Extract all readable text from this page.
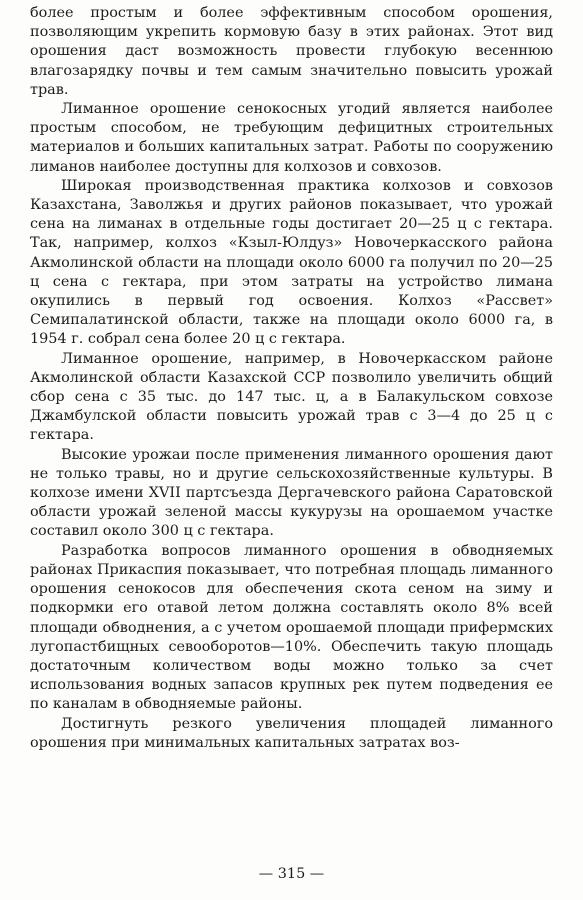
более простым и более эффективным способом орошения, позволяющим укрепить кормовую базу в этих районах. Этот вид орошения даст возможность провести глубокую весеннюю влагозарядку почвы и тем самым значительно повысить урожай трав.

Лиманное орошение сенокосных угодий является наиболее простым способом, не требующим дефицитных строительных материалов и больших капитальных затрат. Работы по сооружению лиманов наиболее доступны для колхозов и совхозов.

Широкая производственная практика колхозов и совхозов Казахстана, Заволжья и других районов показывает, что урожай сена на лиманах в отдельные годы достигает 20—25 ц с гектара. Так, например, колхоз «Кзыл-Юлдуз» Новочеркасского района Акмолинской области на площади около 6000 га получил по 20—25 ц сена с гектара, при этом затраты на устройство лимана окупились в первый год освоения. Колхоз «Рассвет» Семипалатинской области, также на площади около 6000 га, в 1954 г. собрал сена более 20 ц с гектара.

Лиманное орошение, например, в Новочеркасском районе Акмолинской области Казахской ССР позволило увеличить общий сбор сена с 35 тыс. до 147 тыс. ц, а в Балакульском совхозе Джамбулской области повысить урожай трав с 3—4 до 25 ц с гектара.

Высокие урожаи после применения лиманного орошения дают не только травы, но и другие сельскохозяйственные культуры. В колхозе имени XVII партсъезда Дергачевского района Саратовской области урожай зеленой массы кукурузы на орошаемом участке составил около 300 ц с гектара.

Разработка вопросов лиманного орошения в обводняемых районах Прикаспия показывает, что потребная площадь лиманного орошения сенокосов для обеспечения скота сеном на зиму и подкормки его отавой летом должна составлять около 8% всей площади обводнения, а с учетом орошаемой площади прифермских лугопастбищных севооборотов—10%. Обеспечить такую площадь достаточным количеством воды можно только за счет использования водных запасов крупных рек путем подведения ее по каналам в обводняемые районы.

Достигнуть резкого увеличения площадей лиманного орошения при минимальных капитальных затратах воз-

— 315 —
